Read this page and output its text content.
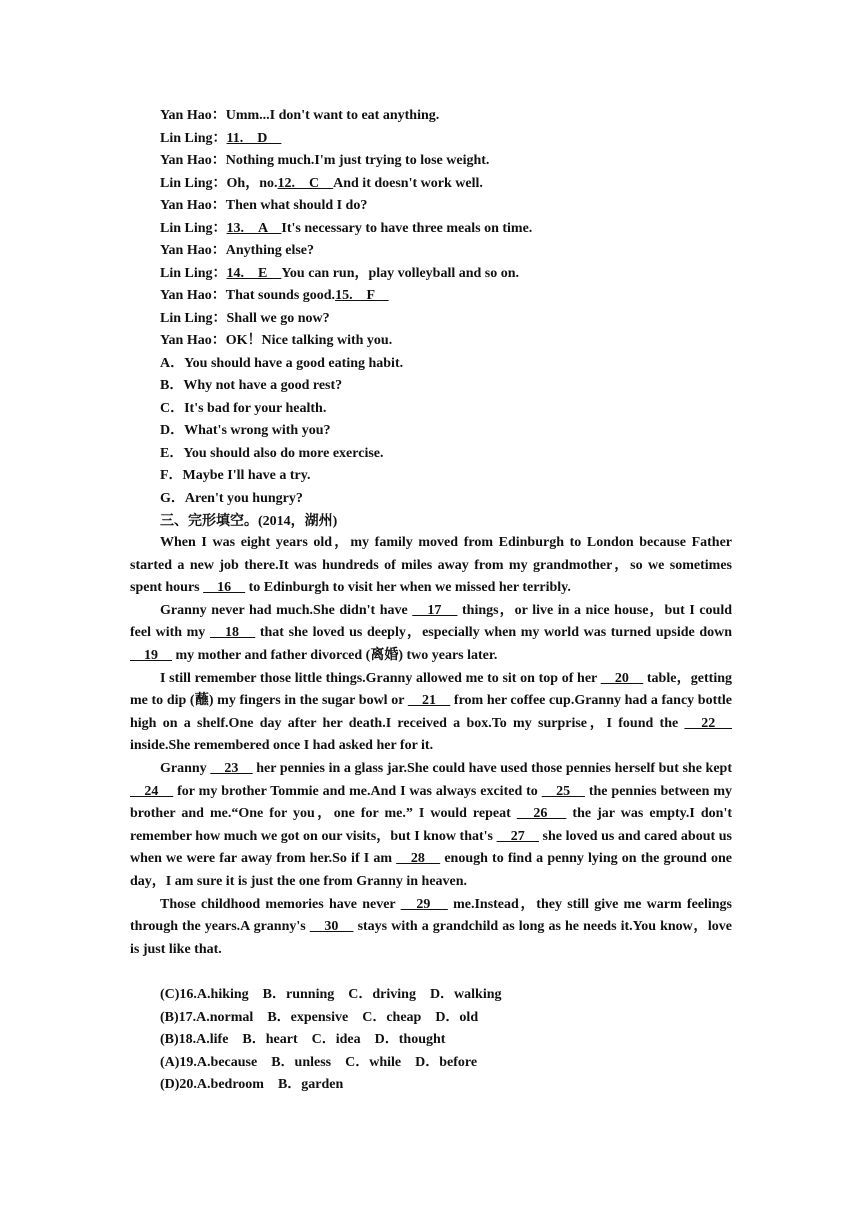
Yan Hao：Umm...I don't want to eat anything.
Lin Ling：11.　D　
Yan Hao：Nothing much.I'm just trying to lose weight.
Lin Ling：Oh，no.12.　C　And it doesn't work well.
Yan Hao：Then what should I do?
Lin Ling：13.　A　It's necessary to have three meals on time.
Yan Hao：Anything else?
Lin Ling：14.　E　You can run，play volleyball and so on.
Yan Hao：That sounds good.15.　F　
Lin Ling：Shall we go now?
Yan Hao：OK！Nice talking with you.
A．You should have a good eating habit.
B．Why not have a good rest?
C．It's bad for your health.
D．What's wrong with you?
E．You should also do more exercise.
F．Maybe I'll have a try.
G．Aren't you hungry?
三、完形填空。(2014，湖州)

When I was eight years old，my family moved from Edinburgh to London because Father started a new job there.It was hundreds of miles away from my grandmother，so we sometimes spent hours 　16　 to Edinburgh to visit her when we missed her terribly.

Granny never had much.She didn't have 　17　 things，or live in a nice house，but I could feel with my 　18　 that she loved us deeply，especially when my world was turned upside down 　19　 my mother and father divorced (离婚) two years later.

I still remember those little things.Granny allowed me to sit on top of her 　20　 table，getting me to dip (蘸) my fingers in the sugar bowl or 　21　 from her coffee cup.Granny had a fancy bottle high on a shelf.One day after her death.I received a box.To my surprise，I found the 　22　 inside.She remembered once I had asked her for it.

Granny 　23　 her pennies in a glass jar.She could have used those pennies herself but she kept 　24　 for my brother Tommie and me.And I was always excited to 　25　 the pennies between my brother and me.“One for you，one for me.” I would repeat 　26　 the jar was empty.I don't remember how much we got on our visits，but I know that's 　27　 she loved us and cared about us when we were far away from her.So if I am 　28　 enough to find a penny lying on the ground one day，I am sure it is just the one from Granny in heaven.

Those childhood memories have never 　29　 me.Instead，they still give me warm feelings through the years.A granny's 　30　 stays with a grandchild as long as he needs it.You know，love is just like that.

(C)16.A.hiking　B．running　C．driving　D．walking
(B)17.A.normal　B．expensive　C．cheap　D．old
(B)18.A.life　B．heart　C．idea　D．thought
(A)19.A.because　B．unless　C．while　D．before
(D)20.A.bedroom　B．garden
